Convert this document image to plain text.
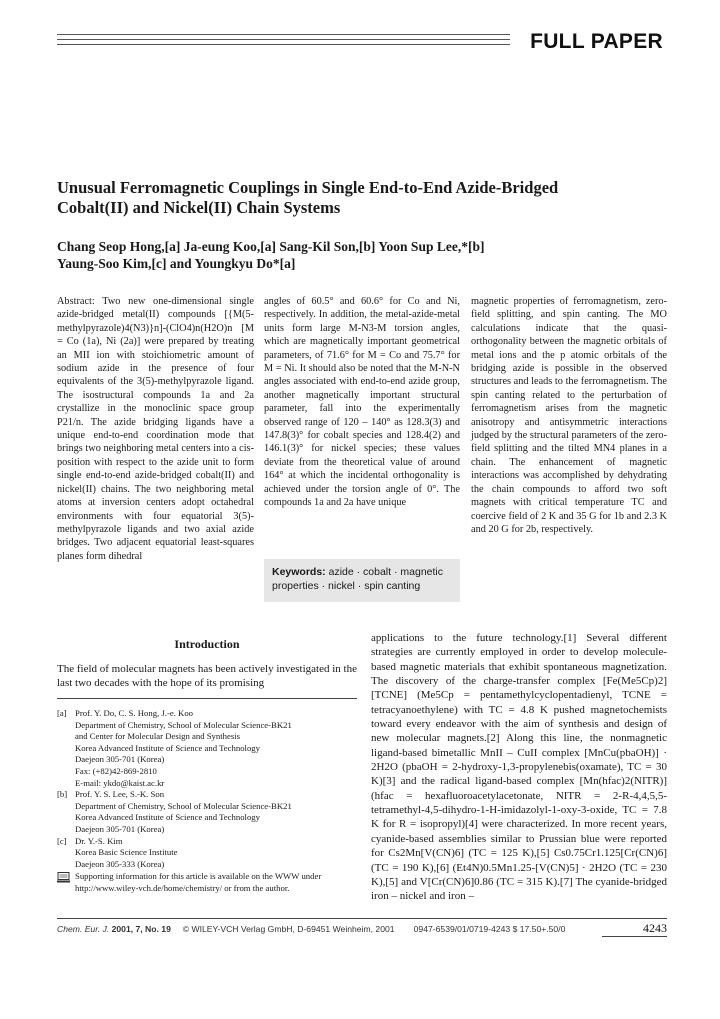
FULL PAPER
Unusual Ferromagnetic Couplings in Single End-to-End Azide-Bridged
Cobalt(II) and Nickel(II) Chain Systems
Chang Seop Hong,[a] Ja-eung Koo,[a] Sang-Kil Son,[b] Yoon Sup Lee,*[b]
Yaung-Soo Kim,[c] and Youngkyu Do*[a]
Abstract: Two new one-dimensional single azide-bridged metal(II) compounds [{M(5-methylpyrazole)4(N3)}n]-(ClO4)n(H2O)n [M = Co (1a), Ni (2a)] were prepared by treating an MII ion with stoichiometric amount of sodium azide in the presence of four equivalents of the 3(5)-methylpyrazole ligand. The isostructural compounds 1a and 2a crystallize in the monoclinic space group P21/n. The azide bridging ligands have a unique end-to-end coordination mode that brings two neighboring metal centers into a cis-position with respect to the azide unit to form single end-to-end azide-bridged cobalt(II) and nickel(II) chains. The two neighboring metal atoms at inversion centers adopt octahedral environments with four equatorial 3(5)-methylpyrazole ligands and two axial azide bridges. Two adjacent equatorial least-squares planes form dihedral
angles of 60.5° and 60.6° for Co and Ni, respectively. In addition, the metal-azide-metal units form large M-N3-M torsion angles, which are magnetically important geometrical parameters, of 71.6° for M = Co and 75.7° for M = Ni. It should also be noted that the M-N-N angles associated with end-to-end azide group, another magnetically important structural parameter, fall into the experimentally observed range of 120 – 140° as 128.3(3) and 147.8(3)° for cobalt species and 128.4(2) and 146.1(3)° for nickel species; these values deviate from the theoretical value of around 164° at which the incidental orthogonality is achieved under the torsion angle of 0°. The compounds 1a and 2a have unique
magnetic properties of ferromagnetism, zero-field splitting, and spin canting. The MO calculations indicate that the quasi-orthogonality between the magnetic orbitals of metal ions and the p atomic orbitals of the bridging azide is possible in the observed structures and leads to the ferromagnetism. The spin canting related to the perturbation of ferromagnetism arises from the magnetic anisotropy and antisymmetric interactions judged by the structural parameters of the zero-field splitting and the tilted MN4 planes in a chain. The enhancement of magnetic interactions was accomplished by dehydrating the chain compounds to afford two soft magnets with critical temperature TC and coercive field of 2 K and 35 G for 1b and 2.3 K and 20 G for 2b, respectively.
Keywords: azide · cobalt · magnetic properties · nickel · spin canting
Introduction
The field of molecular magnets has been actively investigated in the last two decades with the hope of its promising
[a] Prof. Y. Do, C. S. Hong, J.-e. Koo
Department of Chemistry, School of Molecular Science-BK21
and Center for Molecular Design and Synthesis
Korea Advanced Institute of Science and Technology
Daejeon 305-701 (Korea)
Fax: (+82)42-869-2810
E-mail: ykdo@kaist.ac.kr
[b] Prof. Y. S. Lee, S.-K. Son
Department of Chemistry, School of Molecular Science-BK21
Korea Advanced Institute of Science and Technology
Daejeon 305-701 (Korea)
[c] Dr. Y.-S. Kim
Korea Basic Science Institute
Daejeon 305-333 (Korea)
Supporting information for this article is available on the WWW under
http://www.wiley-vch.de/home/chemistry/ or from the author.
applications to the future technology.[1] Several different strategies are currently employed in order to develop molecule-based magnetic materials that exhibit spontaneous magnetization. The discovery of the charge-transfer complex [Fe(Me5Cp)2][TCNE] (Me5Cp = pentamethylcyclopentadienyl, TCNE = tetracyanoethylene) with TC = 4.8 K pushed magnetochemists toward every endeavor with the aim of synthesis and design of new molecular magnets.[2] Along this line, the nonmagnetic ligand-based bimetallic MnII – CuII complex [MnCu(pbaOH)] · 2H2O (pbaOH = 2-hydroxy-1,3-propylenebis(oxamate), TC = 30 K)[3] and the radical ligand-based complex [Mn(hfac)2(NITR)] (hfac = hexafluoroacetylacetonate, NITR = 2-R-4,4,5,5-tetramethyl-4,5-dihydro-1-H-imidazolyl-1-oxy-3-oxide, TC = 7.8 K for R = isopropyl)[4] were characterized. In more recent years, cyanide-based assemblies similar to Prussian blue were reported for Cs2Mn[V(CN)6] (TC = 125 K),[5] Cs0.75Cr1.125[Cr(CN)6] (TC = 190 K),[6] (Et4N)0.5Mn1.25-[V(CN)5] · 2H2O (TC = 230 K),[5] and V[Cr(CN)6]0.86 (TC = 315 K).[7] The cyanide-bridged iron – nickel and iron –
Chem. Eur. J. 2001, 7, No. 19 © WILEY-VCH Verlag GmbH, D-69451 Weinheim, 2001 0947-6539/01/0719-4243 $ 17.50+.50/0	4243
